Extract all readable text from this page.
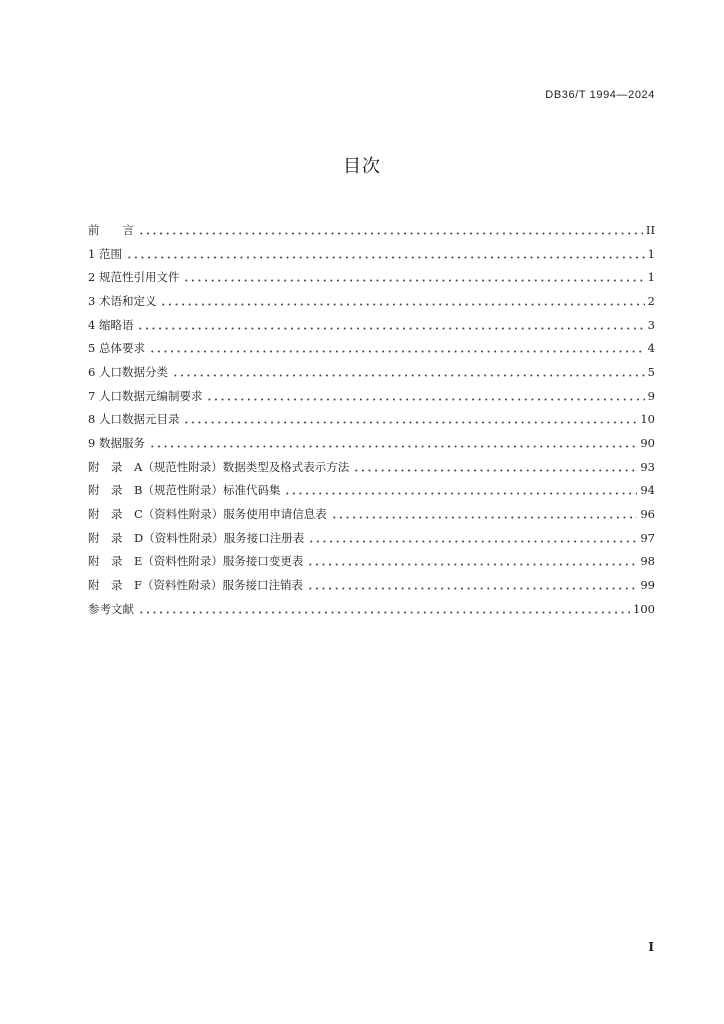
DB36/T 1994—2024
目次
前　　言	II
1 范围	1
2 规范性引用文件	1
3 术语和定义	2
4 缩略语	3
5 总体要求	4
6 人口数据分类	5
7 人口数据元编制要求	9
8 人口数据元目录	10
9 数据服务	90
附　录　A（规范性附录）数据类型及格式表示方法	93
附　录　B（规范性附录）标准代码集	94
附　录　C（资料性附录）服务使用申请信息表	96
附　录　D（资料性附录）服务接口注册表	97
附　录　E（资料性附录）服务接口变更表	98
附　录　F（资料性附录）服务接口注销表	99
参考文献	100
I
